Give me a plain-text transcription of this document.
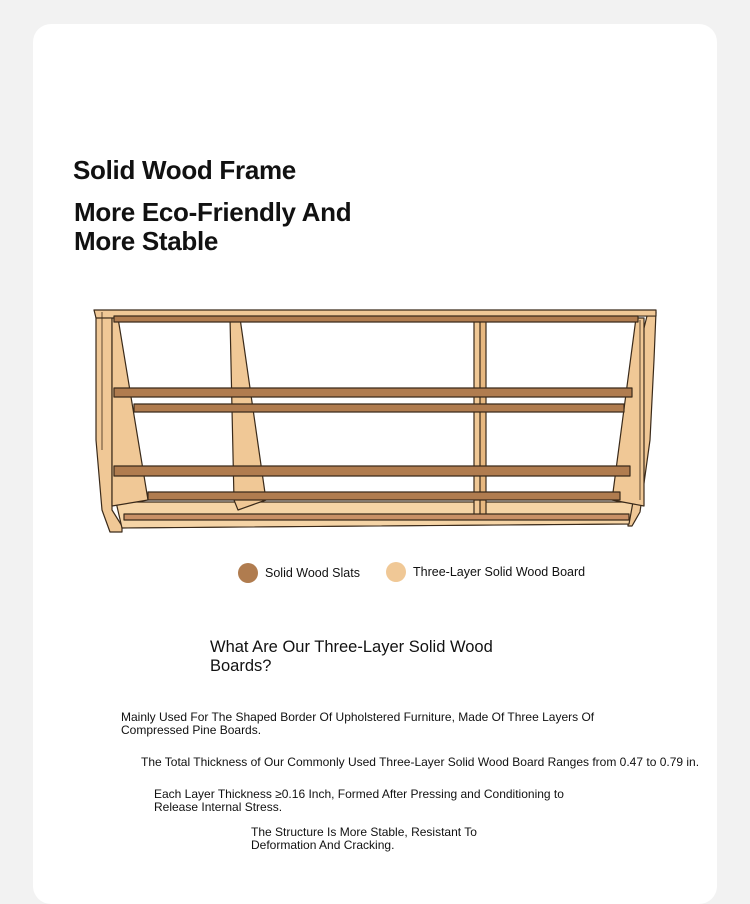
Solid Wood Frame
More Eco-Friendly And More Stable
Solid Wood Slats	Three-Layer Solid Wood Board
What Are Our Three-Layer Solid Wood Boards?
Mainly Used For The Shaped Border Of Upholstered Furniture, Made Of Three Layers Of Compressed Pine Boards.
The Total Thickness of Our Commonly Used Three-Layer Solid Wood Board Ranges from 0.47 to 0.79 in.
Each Layer Thickness ≥0.16 Inch, Formed After Pressing and Conditioning to Release Internal Stress.
The Structure Is More Stable, Resistant To Deformation And Cracking.
